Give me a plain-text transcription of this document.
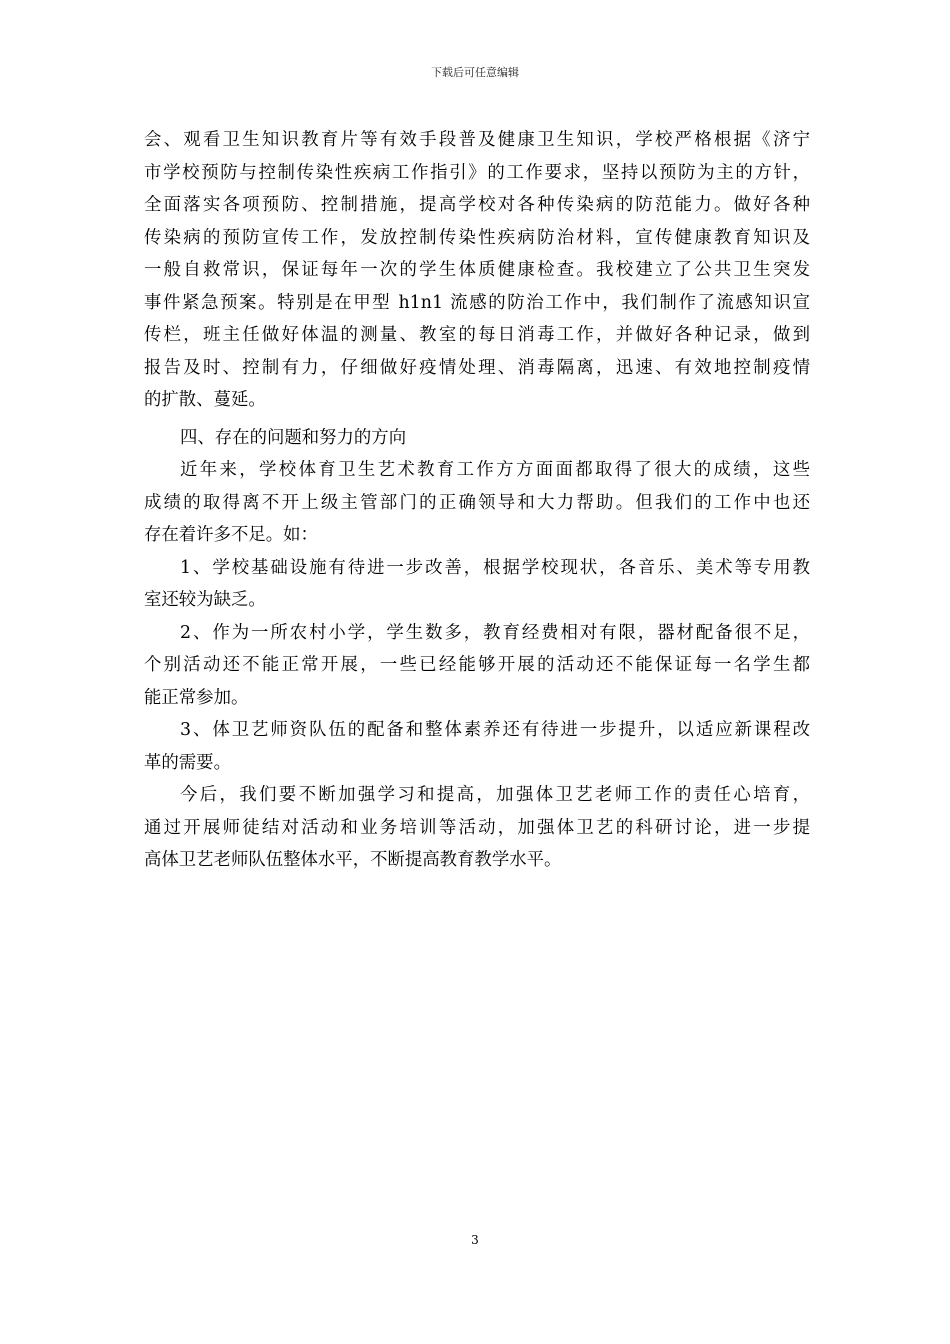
下载后可任意编辑
会、观看卫生知识教育片等有效手段普及健康卫生知识，学校严格根据《济宁
市学校预防与控制传染性疾病工作指引》的工作要求，坚持以预防为主的方针，
全面落实各项预防、控制措施，提高学校对各种传染病的防范能力。做好各种
传染病的预防宣传工作，发放控制传染性疾病防治材料，宣传健康教育知识及
一般自救常识，保证每年一次的学生体质健康检查。我校建立了公共卫生突发
事件紧急预案。特别是在甲型 h1n1 流感的防治工作中，我们制作了流感知识宣
传栏，班主任做好体温的测量、教室的每日消毒工作，并做好各种记录，做到
报告及时、控制有力，仔细做好疫情处理、消毒隔离，迅速、有效地控制疫情
的扩散、蔓延。
四、存在的问题和努力的方向
近年来，学校体育卫生艺术教育工作方方面面都取得了很大的成绩，这些
成绩的取得离不开上级主管部门的正确领导和大力帮助。但我们的工作中也还
存在着许多不足。如：
1、学校基础设施有待进一步改善，根据学校现状，各音乐、美术等专用教
室还较为缺乏。
2、作为一所农村小学，学生数多，教育经费相对有限，器材配备很不足，
个别活动还不能正常开展，一些已经能够开展的活动还不能保证每一名学生都
能正常参加。
3、体卫艺师资队伍的配备和整体素养还有待进一步提升，以适应新课程改
革的需要。
今后，我们要不断加强学习和提高，加强体卫艺老师工作的责任心培育，
通过开展师徒结对活动和业务培训等活动，加强体卫艺的科研讨论，进一步提
高体卫艺老师队伍整体水平，不断提高教育教学水平。
3
